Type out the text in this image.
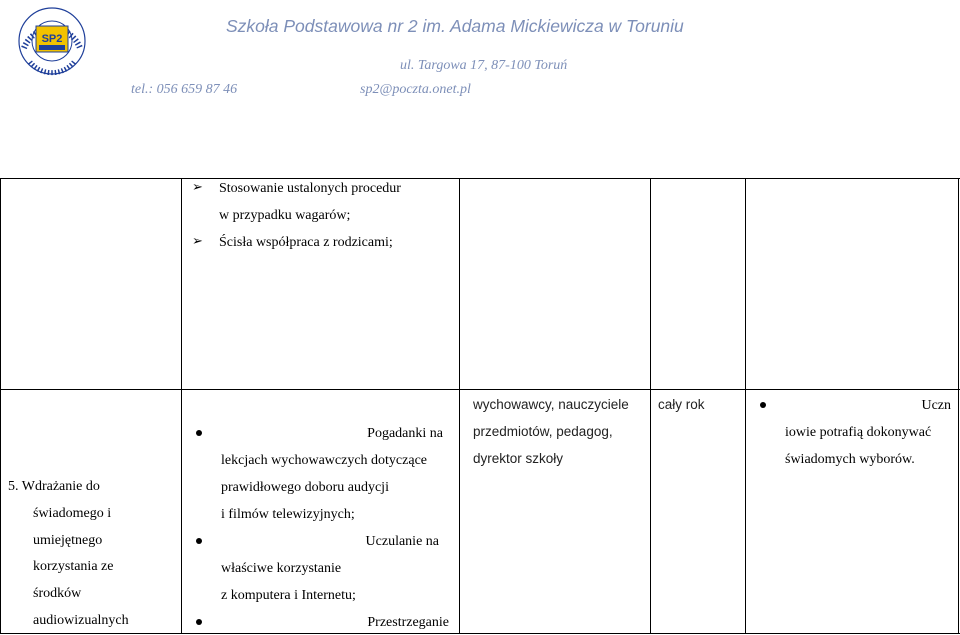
SP2
Szkoła Podstawowa nr 2 im. Adama Mickiewicza w Toruniu
ul. Targowa 17, 87-100 Toruń
tel.: 056 659 87 46	sp2@poczta.onet.pl
➢ Stosowanie ustalonych procedur
w przypadku wagarów;
➢ Ścisła współpraca z rodzicami;
5. Wdrażanie do
świadomego i
umiejętnego
korzystania ze
środków
audiowizualnych
Pogadanki na
lekcjach wychowawczych dotyczące
prawidłowego doboru audycji
i filmów telewizyjnych;
Uczulanie na
właściwe korzystanie
z komputera i Internetu;
Przestrzeganie
wychowawcy, nauczyciele
przedmiotów, pedagog,
dyrektor szkoły
cały rok	Uczn
iowie potrafią dokonywać
świadomych wyborów.
